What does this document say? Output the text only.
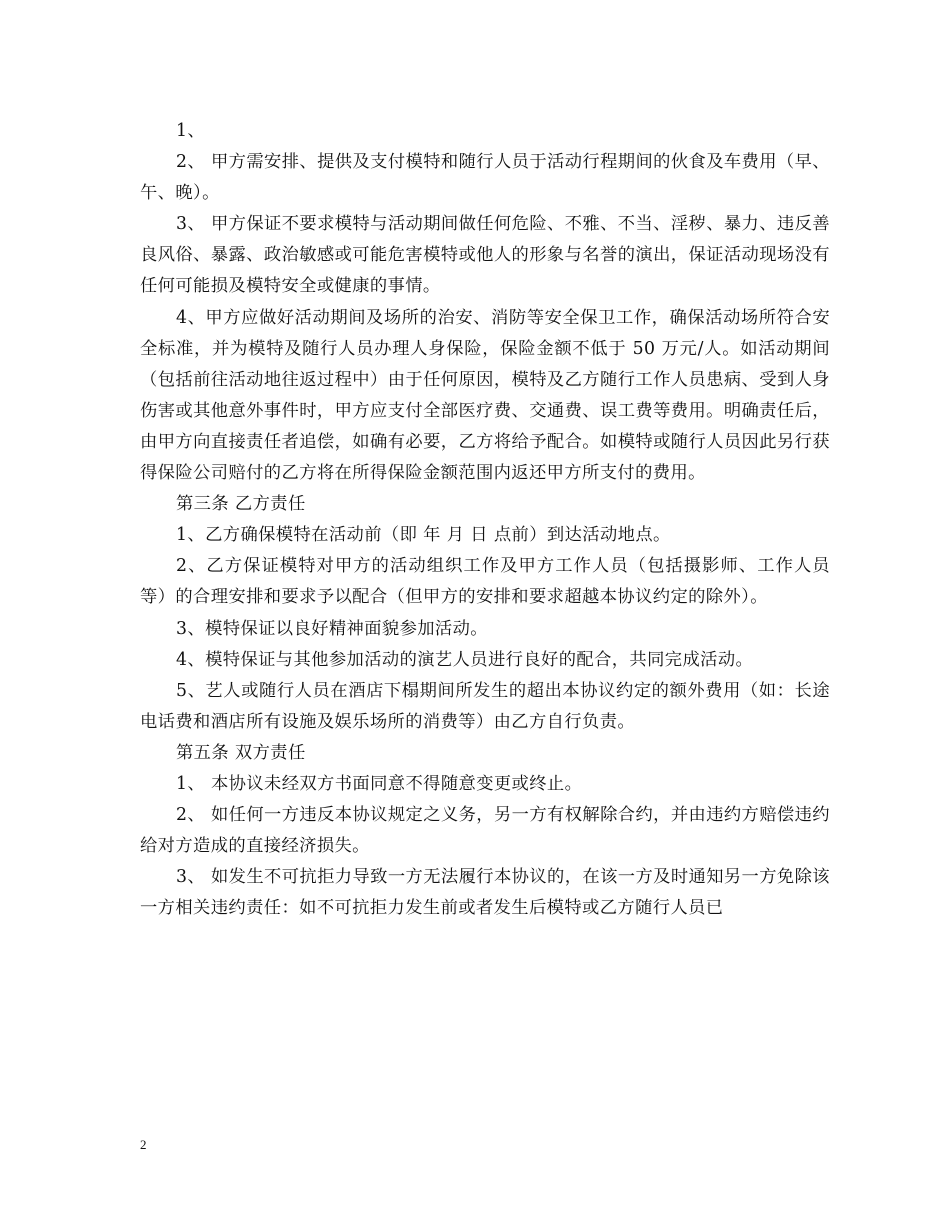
1、

2、 甲方需安排、提供及支付模特和随行人员于活动行程期间的伙食及车费用（早、午、晚）。

3、 甲方保证不要求模特与活动期间做任何危险、不雅、不当、淫秽、暴力、违反善良风俗、暴露、政治敏感或可能危害模特或他人的形象与名誉的演出，保证活动现场没有任何可能损及模特安全或健康的事情。

4、甲方应做好活动期间及场所的治安、消防等安全保卫工作，确保活动场所符合安全标准，并为模特及随行人员办理人身保险，保险金额不低于 50 万元/人。如活动期间（包括前往活动地往返过程中）由于任何原因，模特及乙方随行工作人员患病、受到人身伤害或其他意外事件时，甲方应支付全部医疗费、交通费、误工费等费用。明确责任后，由甲方向直接责任者追偿，如确有必要，乙方将给予配合。如模特或随行人员因此另行获得保险公司赔付的乙方将在所得保险金额范围内返还甲方所支付的费用。

第三条 乙方责任

1、乙方确保模特在活动前（即 年 月 日 点前）到达活动地点。

2、乙方保证模特对甲方的活动组织工作及甲方工作人员（包括摄影师、工作人员等）的合理安排和要求予以配合（但甲方的安排和要求超越本协议约定的除外）。

3、模特保证以良好精神面貌参加活动。

4、模特保证与其他参加活动的演艺人员进行良好的配合，共同完成活动。

5、艺人或随行人员在酒店下榻期间所发生的超出本协议约定的额外费用（如：长途电话费和酒店所有设施及娱乐场所的消费等）由乙方自行负责。

第五条 双方责任

1、 本协议未经双方书面同意不得随意变更或终止。

2、 如任何一方违反本协议规定之义务，另一方有权解除合约，并由违约方赔偿违约给对方造成的直接经济损失。

3、 如发生不可抗拒力导致一方无法履行本协议的，在该一方及时通知另一方免除该一方相关违约责任：如不可抗拒力发生前或者发生后模特或乙方随行人员已

2
